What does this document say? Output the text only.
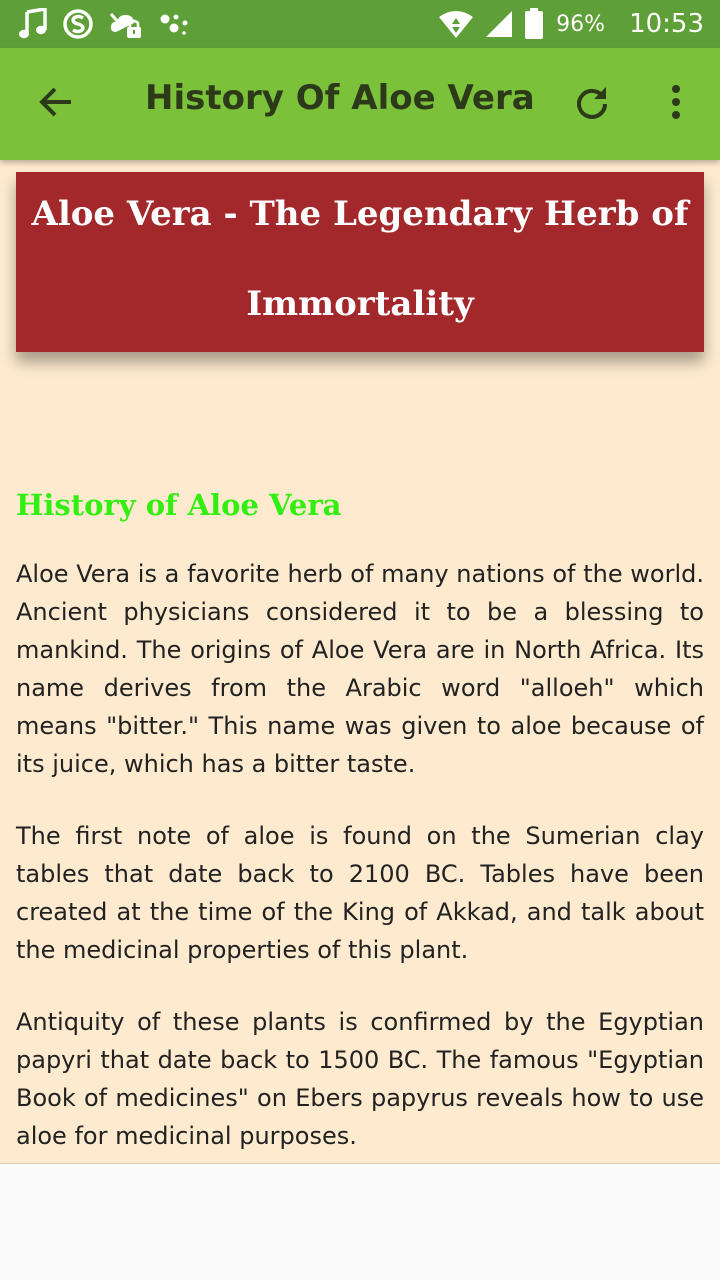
96% 10:53
History Of Aloe Vera
Aloe Vera - The Legendary Herb of
Immortality
History of Aloe Vera

Aloe Vera is a favorite herb of many nations of the world. Ancient physicians considered it to be a blessing to mankind. The origins of Aloe Vera are in North Africa. Its name derives from the Arabic word "alloeh" which means "bitter." This name was given to aloe because of its juice, which has a bitter taste.

The first note of aloe is found on the Sumerian clay tables that date back to 2100 BC. Tables have been created at the time of the King of Akkad, and talk about the medicinal properties of this plant.

Antiquity of these plants is confirmed by the Egyptian papyri that date back to 1500 BC. The famous "Egyptian Book of medicines" on Ebers papyrus reveals how to use aloe for medicinal purposes.
